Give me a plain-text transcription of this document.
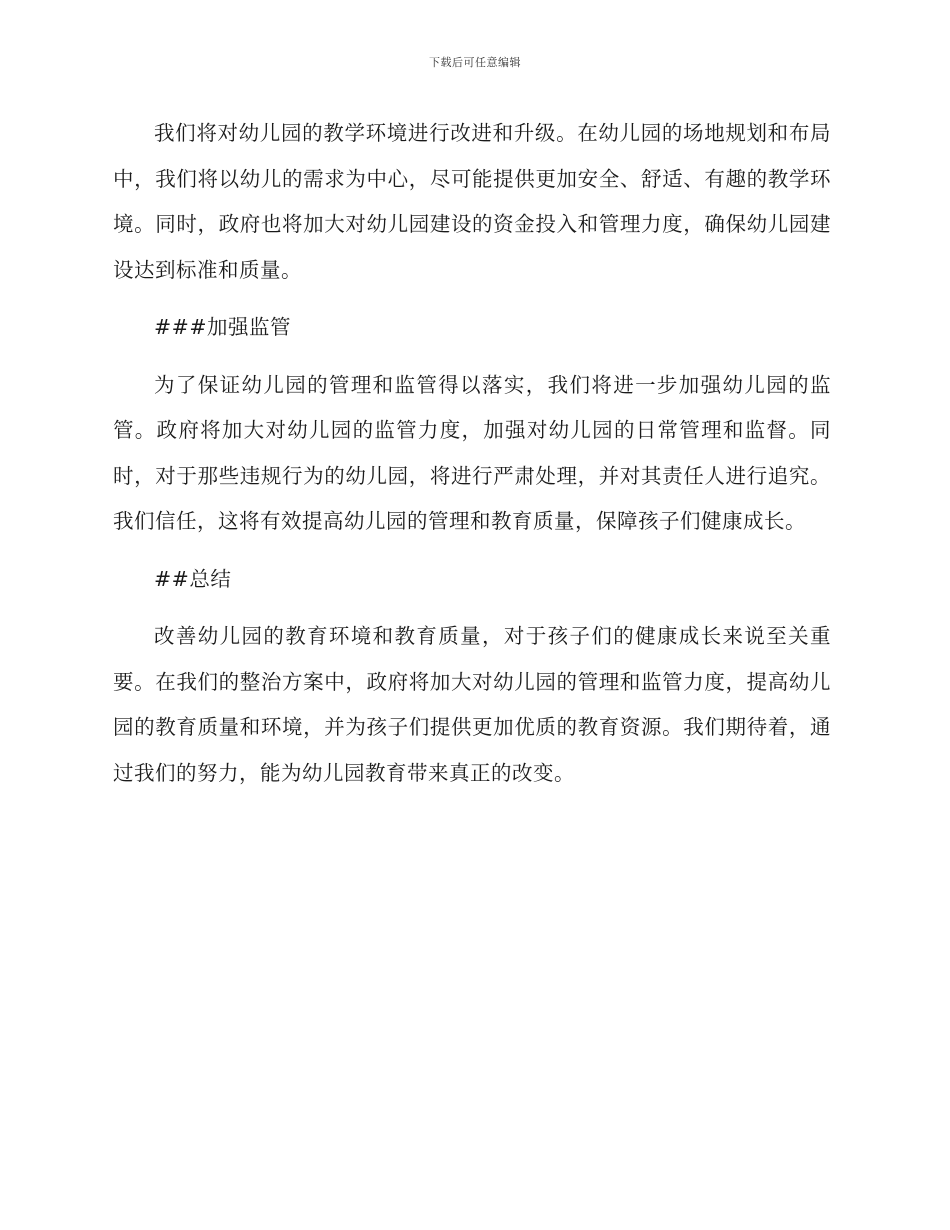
下载后可任意编辑

我们将对幼儿园的教学环境进行改进和升级。在幼儿园的场地规划和布局中，我们将以幼儿的需求为中心，尽可能提供更加安全、舒适、有趣的教学环境。同时，政府也将加大对幼儿园建设的资金投入和管理力度，确保幼儿园建设达到标准和质量。

###加强监管

为了保证幼儿园的管理和监管得以落实，我们将进一步加强幼儿园的监管。政府将加大对幼儿园的监管力度，加强对幼儿园的日常管理和监督。同时，对于那些违规行为的幼儿园，将进行严肃处理，并对其责任人进行追究。我们信任，这将有效提高幼儿园的管理和教育质量，保障孩子们健康成长。

##总结

改善幼儿园的教育环境和教育质量，对于孩子们的健康成长来说至关重要。在我们的整治方案中，政府将加大对幼儿园的管理和监管力度，提高幼儿园的教育质量和环境，并为孩子们提供更加优质的教育资源。我们期待着，通过我们的努力，能为幼儿园教育带来真正的改变。
